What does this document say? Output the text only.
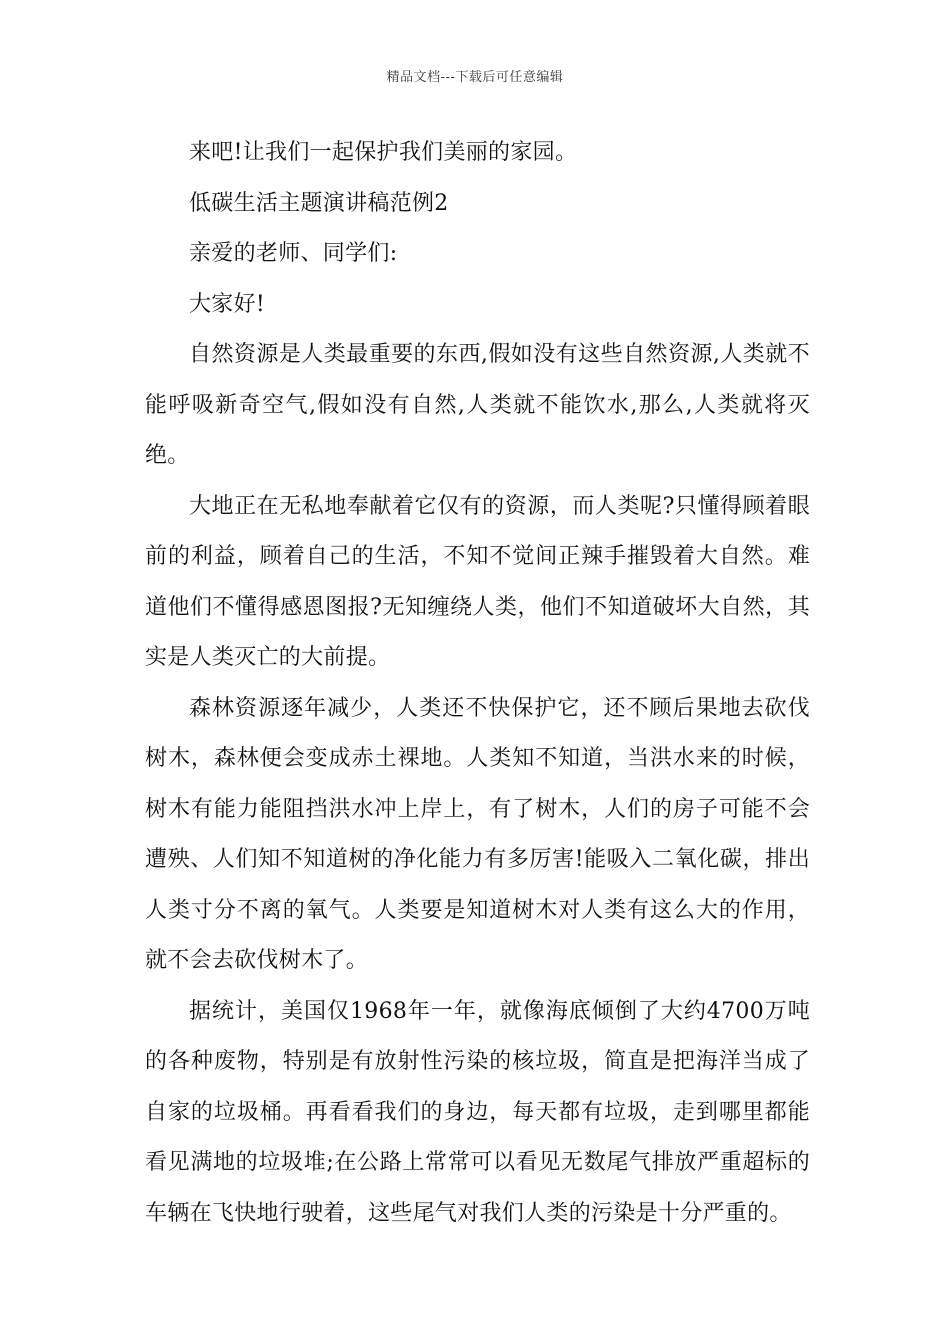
精品文档---下载后可任意编辑

来吧!让我们一起保护我们美丽的家园。

低碳生活主题演讲稿范例2

亲爱的老师、同学们:

大家好!

自然资源是人类最重要的东西,假如没有这些自然资源,人类就不能呼吸新奇空气,假如没有自然,人类就不能饮水,那么,人类就将灭绝。

大地正在无私地奉献着它仅有的资源，而人类呢?只懂得顾着眼前的利益，顾着自己的生活，不知不觉间正辣手摧毁着大自然。难道他们不懂得感恩图报?无知缠绕人类，他们不知道破坏大自然，其实是人类灭亡的大前提。

森林资源逐年减少，人类还不快保护它，还不顾后果地去砍伐树木，森林便会变成赤土裸地。人类知不知道，当洪水来的时候，树木有能力能阻挡洪水冲上岸上，有了树木，人们的房子可能不会遭殃、人们知不知道树的净化能力有多厉害!能吸入二氧化碳，排出人类寸分不离的氧气。人类要是知道树木对人类有这么大的作用，就不会去砍伐树木了。

据统计，美国仅1968年一年，就像海底倾倒了大约4700万吨的各种废物，特别是有放射性污染的核垃圾，简直是把海洋当成了自家的垃圾桶。再看看我们的身边，每天都有垃圾，走到哪里都能看见满地的垃圾堆;在公路上常常可以看见无数尾气排放严重超标的车辆在飞快地行驶着，这些尾气对我们人类的污染是十分严重的。
